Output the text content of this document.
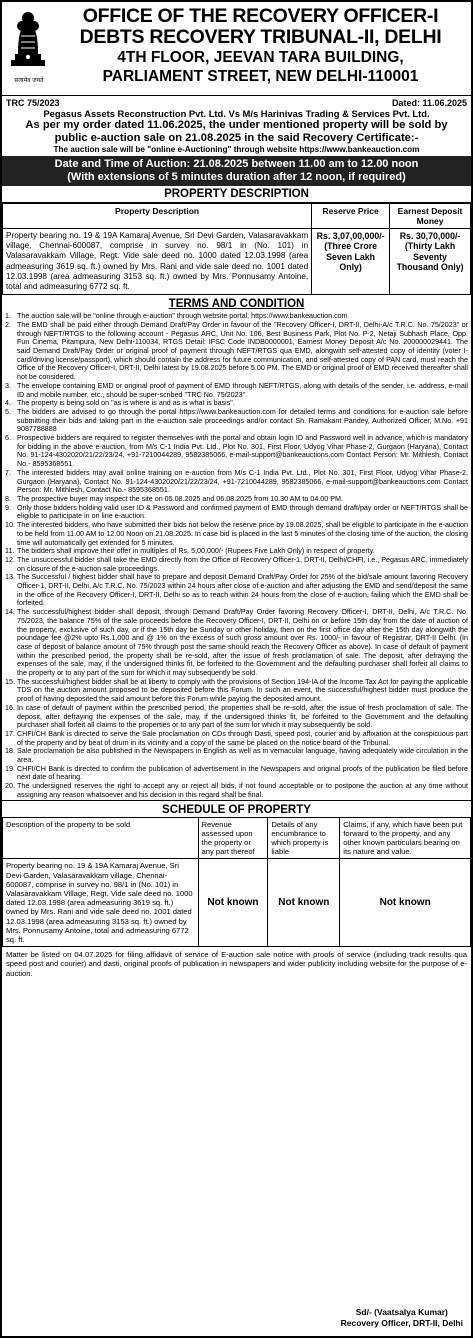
सत्यमेव जयते
OFFICE OF THE RECOVERY OFFICER-I
DEBTS RECOVERY TRIBUNAL-II, DELHI
4TH FLOOR, JEEVAN TARA BUILDING,
PARLIAMENT STREET, NEW DELHI-110001
TRC 75/2023	Dated: 11.06.2025
Pegasus Assets Reconstruction Pvt. Ltd. Vs M/s Harinivas Trading & Services Pvt. Ltd.
As per my order dated 11.06.2025, the under mentioned property will be sold by public e-auction sale on 21.08.2025 in the said Recovery Certificate:-
The auction sale will be "online e-Auctioning" through website https://www.bankeauction.com
Date and Time of Auction: 21.08.2025 between 11.00 am to 12.00 noon
(With extensions of 5 minutes duration after 12 noon, if required)
PROPERTY DESCRIPTION
Property Description	Reserve Price	Earnest Deposit Money
Property bearing no. 19 & 19A Kamaraj Avenue, Sri Devi Garden, Valasaravakkam village, Chennai-600087, comprise in survey no. 98/1 in (No. 101) in Valasaravakkam Village, Regt. Vide sale deed no. 1000 dated 12.03.1998 (area admeasuring 3619 sq. ft.) owned by Mrs. Rani and vide sale deed no. 1001 dated 12.03.1998 (area admeasuring 3153 sq. ft.) owned by Mrs. Ponnusamy Antoine, total and admeasuring 6772 sq. ft.	Rs. 3,07,00,000/- (Three Crore Seven Lakh Only)	Rs. 30,70,000/- (Thirty Lakh Seventy Thousand Only)
TERMS AND CONDITION
1. The auction sale will be "online through e-auction" through website portal: https://www.bankeauction.com
2. The EMD shall be paid either through Demand Draft/Pay Order in favour of the "Recovery Officer-I, DRT-II, Delhi-A/c T.R.C. No. 75/2023" or through NEFT/RTGS to the following account - Pegasus ARC, Unit No. 106, Best Business Park, Plot No. P-2, Netaji Subhash Place, Opp. Fun Cinema, Pitampura, New Delhi-110034, RTGS Detail: IFSC Code INDB0000001, Earnest Money Deposit A/c No. 200000029441. The said Demand Draft/Pay Order or original proof of payment through NEFT/RTGS qua EMD, alongwith self-attested copy of identity (voter I-card/driving license/passport), which should contain the address for future communication, and self-attested copy of PAN card, must reach the Office of the Recovery Officer-I, DRT-II, Delhi latest by 19.08.2025 before 5.00 PM. The EMD or original proof of EMD received thereafter shall not be considered.
3. The envelope containing EMD or original proof of payment of EMD through NEFT/RTGS, along with details of the sender, i.e. address, e-mail ID and mobile number, etc., should be super-scribed "TRC No. 75/2023".
4. The property is being sold on "as is where is and as is what is basis".
5. The bidders are advised to go through the portal https://www.bankeauction.com for detailed terms and conditions for e-auction sale before submitting their bids and taking part in the e-auction sale proceedings and/or contact Sh. Ramakant Pandey, Authorized Officer, M.No. +91 9087788888
6. Prospective bidders are required to register themselves with the portal and obtain login ID and Password well in advance, which is mandatory for bidding in the above e-auction, from M/s C-1 India Pvt. Ltd., Plot No. 301, First Floor, Udyog Vihar Phase-2, Gurgaon (Haryana), Contact No. 91-124-4302020/21/22/23/24, +91-7210044289, 9582385066, e-mail-support@bankeauctions.com Contact Person: Mr. Mithlesh, Contact No.- 8595368551.
7. The interested bidders may avail online training on e-auction from M/s C-1 India Pvt. Ltd., Plot No. 301, First Floor, Udyog Vihar Phase-2, Gurgaon (Haryana), Contact No. 91-124-4302020/21/22/23/24, +91-7210044289, 9582385066, e-mail-support@bankeauctions.com Contact Person: Mr. Mithlesh, Contact No.- 8595368551.
8. The prospective buyer may inspect the site on 05.08.2025 and 06.08.2025 from 10.30 AM to 04.00 PM.
9. Only those bidders holding valid user ID & Password and confirmed payment of EMD through demand draft/pay order or NEFT/RTGS shall be eligible to participate in on line e-auction.
10. The interested bidders, who have submitted their bids not below the reserve price by 19.08.2025, shall be eligible to participate in the e-auction to be held from 11.00 AM to 12.00 Noon on 21.08.2025. In case bid is placed in the last 5 minutes of the closing time of the auction, the closing time will automatically get extended for 5 minutes.
11. The bidders shall improve their offer in multiples of Rs. 5,00,000/- (Rupees Five Lakh Only) in respect of property.
12. The unsuccessful bidder shall take the EMD directly from the Office of Recovery Officer-1, DRT-II, Delhi/CHFI, i.e., Pegasus ARC, immediately on closure of the e-auction sale proceedings.
13. The Successful / highest bidder shall have to prepare and deposit Demand Draft/Pay Order for 25% of the bid/sale amount favoring Recovery Officer-1, DRT-II, Delhi, A/c T.R.C. No. 75/2023 within 24 hours after close of e-auction and after adjusting the EMD and send/deposit the same in the office of the Recovery Officer-I, DRT-II, Delhi so as to reach within 24 hours from the close of e-auction, failing which the EMD shall be forfeited.
14. The successful/highest bidder shall deposit, through Demand Draft/Pay Order favoring Recovery Officer-I, DRT-II, Delhi, A/c T.R.C. No. 75/2023, the balance 75% of the sale proceeds before the Recovery Officer-I, DRT-II, Delhi on or before 15th day from the date of auction of the property, exclusive of such day, or if the 15th day be Sunday or other holiday, then on the first office day after the 15th day alongwith the poundage fee @2% upto Rs.1,000 and @ 1% on the excess of such gross amount over Rs. 1000/- in favour of Registrar, DRT-II Delhi. (In case of deposit of balance amount of 75% through post the same should reach the Recovery Officer as above). In case of default of payment within the prescribed period, the property shall be re-sold, after the issue of fresh proclamation of sale. The deposit, after defraying the expenses of the sale, may, if the undersigned thinks fit, be forfeited to the Government and the defaulting purchaser shall forfeit all claims to the property or to any part of the sum for which it may subsequently be sold.
15. The successful/highest bidder shall be at liberty to comply with the provisions of Section 194-IA of the Income Tax Act for paying the applicable TDS on the auction amount proposed to be deposited before this Forum. In such an event, the successful/highest bidder must produce the proof of having deposited the said amount before this Forum while paying the deposited amount.
16. In case of default of payment within the prescribed period, the properties shall be re-sold, after the issue of fresh proclamation of sale. The deposit, after defraying the expenses of the sale, may, if the undersigned thinks fit, be forfeited to the Government and the defaulting purchaser shall forfeit all claims to the properties or to any part of the sum for which it may subsequently be sold.
17. CHFI/CH Bank is directed to serve the Sale proclamation on CDs through Dasti, speed post, courier and by affixation at the conspicuous part of the property and by beat of drum in its vicinity and a copy of the same be placed on the notice board of the Tribunal.
18. Sale proclamation be also published in the Newspapers in English as well as in vernacular language, having adequately wide circulation in the area.
19. CHFI/CH Bank is directed to confirm the publication of advertisement in the Newspapers and original proofs of the publication be filed before next date of hearing.
20. The undersigned reserves the right to accept any or reject all bids, if not found acceptable or to postpone the auction at any time without assigning any reason whatsoever and his decision in this regard shall be final.
SCHEDULE OF PROPERTY
Description of the property to be sold	Revenue assessed upon the property or any part thereof	Details of any encumbrance to which property is liable	Claims, if any, which have been put forward to the property, and any other known particulars bearing on its nature and value.
Property bearing no. 19 & 19A Kamaraj Avenue, Sri Devi Garden, Valasaravakkam village, Chennai-600087, comprise in survey no. 98/1 in (No. 101) in Valasaravakkam Village, Regt. Vide sale deed no. 1000 dated 12.03.1998 (area admeasuring 3619 sq. ft.) owned by Mrs. Rani and vide sale deed no. 1001 dated 12.03.1998 (area admeasuring 3153 sq. ft.) owned by Mrs. Ponnusamy Antoine, total and admeasuring 6772 sq. ft.	Not known	Not known	Not known
Matter be listed on 04.07.2025 for filing affidavit of service of E-auction sale notice with proofs of service (including track results qua speed post and courier) and dasti, original proofs of publication in newspapers and wider publicity including website for the purpose of e-auction.
Sd/- (Vaatsalya Kumar)
Recovery Officer, DRT-II, Delhi
